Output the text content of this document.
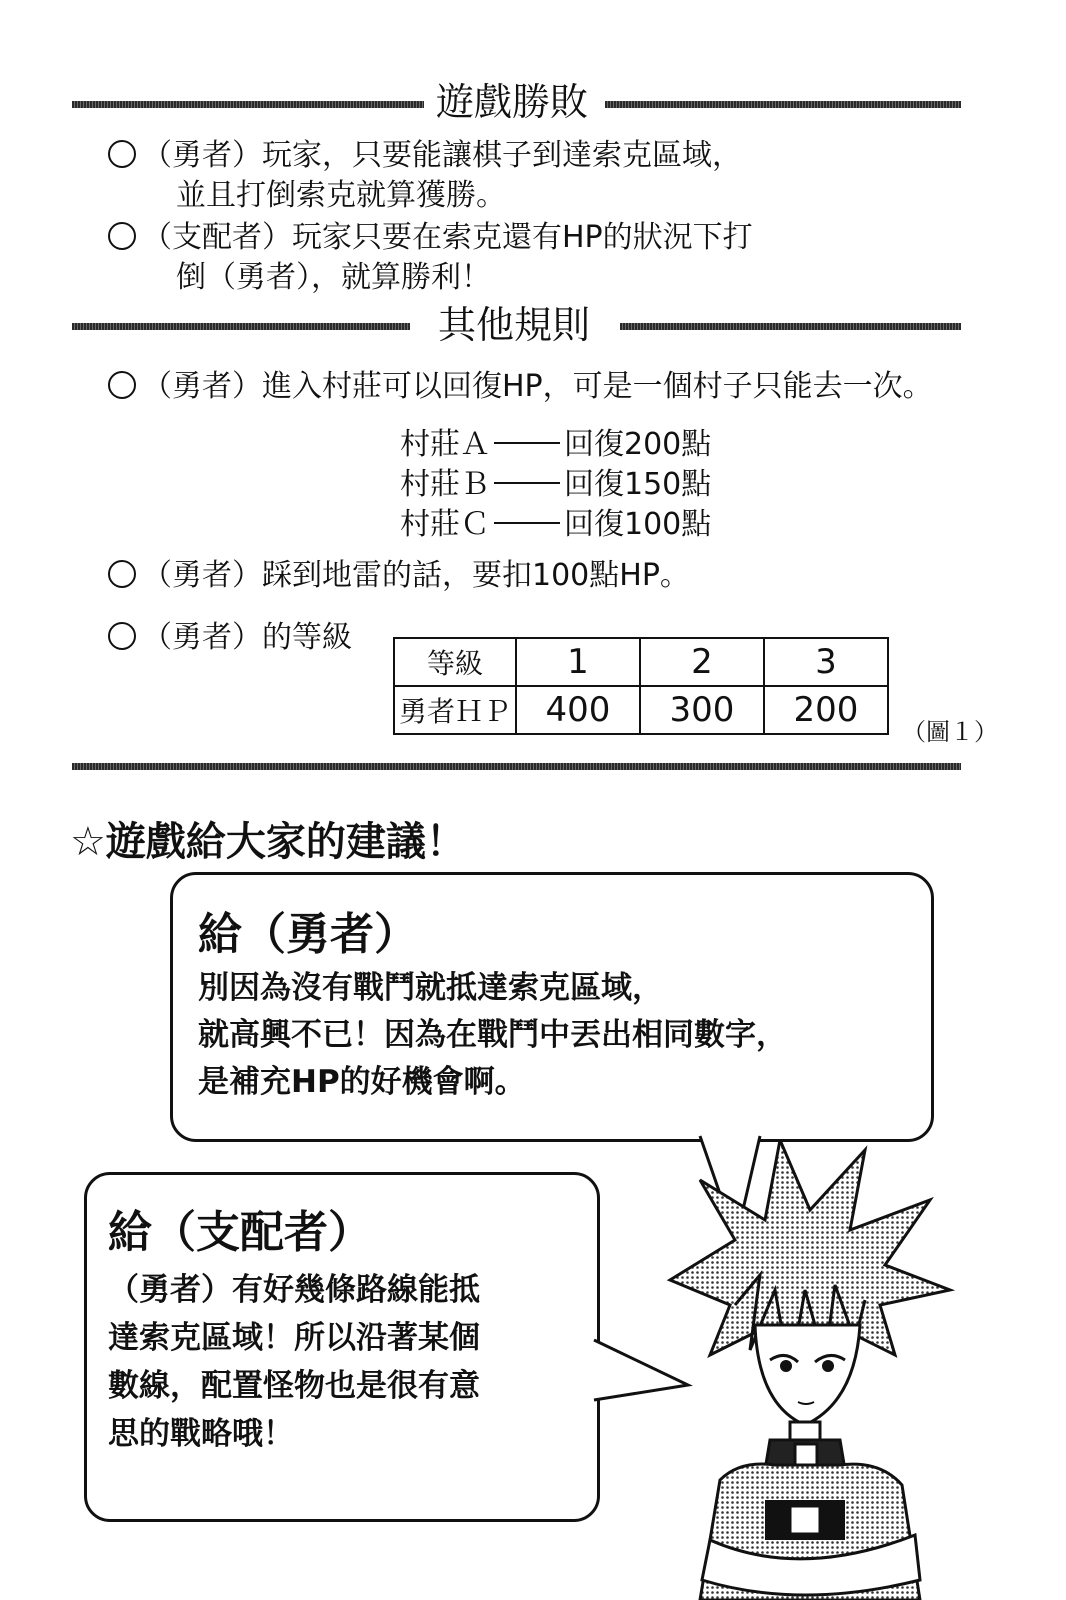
遊戲勝敗
（勇者）玩家，只要能讓棋子到達索克區域，
並且打倒索克就算獲勝。
（支配者）玩家只要在索克還有HP的狀況下打
倒（勇者），就算勝利！
其他規則
（勇者）進入村莊可以回復HP，可是一個村子只能去一次。
村莊Ａ 回復200點
村莊Ｂ 回復150點
村莊Ｃ 回復100點
（勇者）踩到地雷的話，要扣100點HP。
（勇者）的等級
等級	1	2	3
勇者ＨＰ	400	300	200
（圖１）
☆遊戲給大家的建議！
給（勇者）
別因為沒有戰鬥就抵達索克區域，
就高興不已！因為在戰鬥中丟出相同數字，
是補充HP的好機會啊。
給（支配者）
（勇者）有好幾條路線能抵
達索克區域！所以沿著某個
數線，配置怪物也是很有意
思的戰略哦！
